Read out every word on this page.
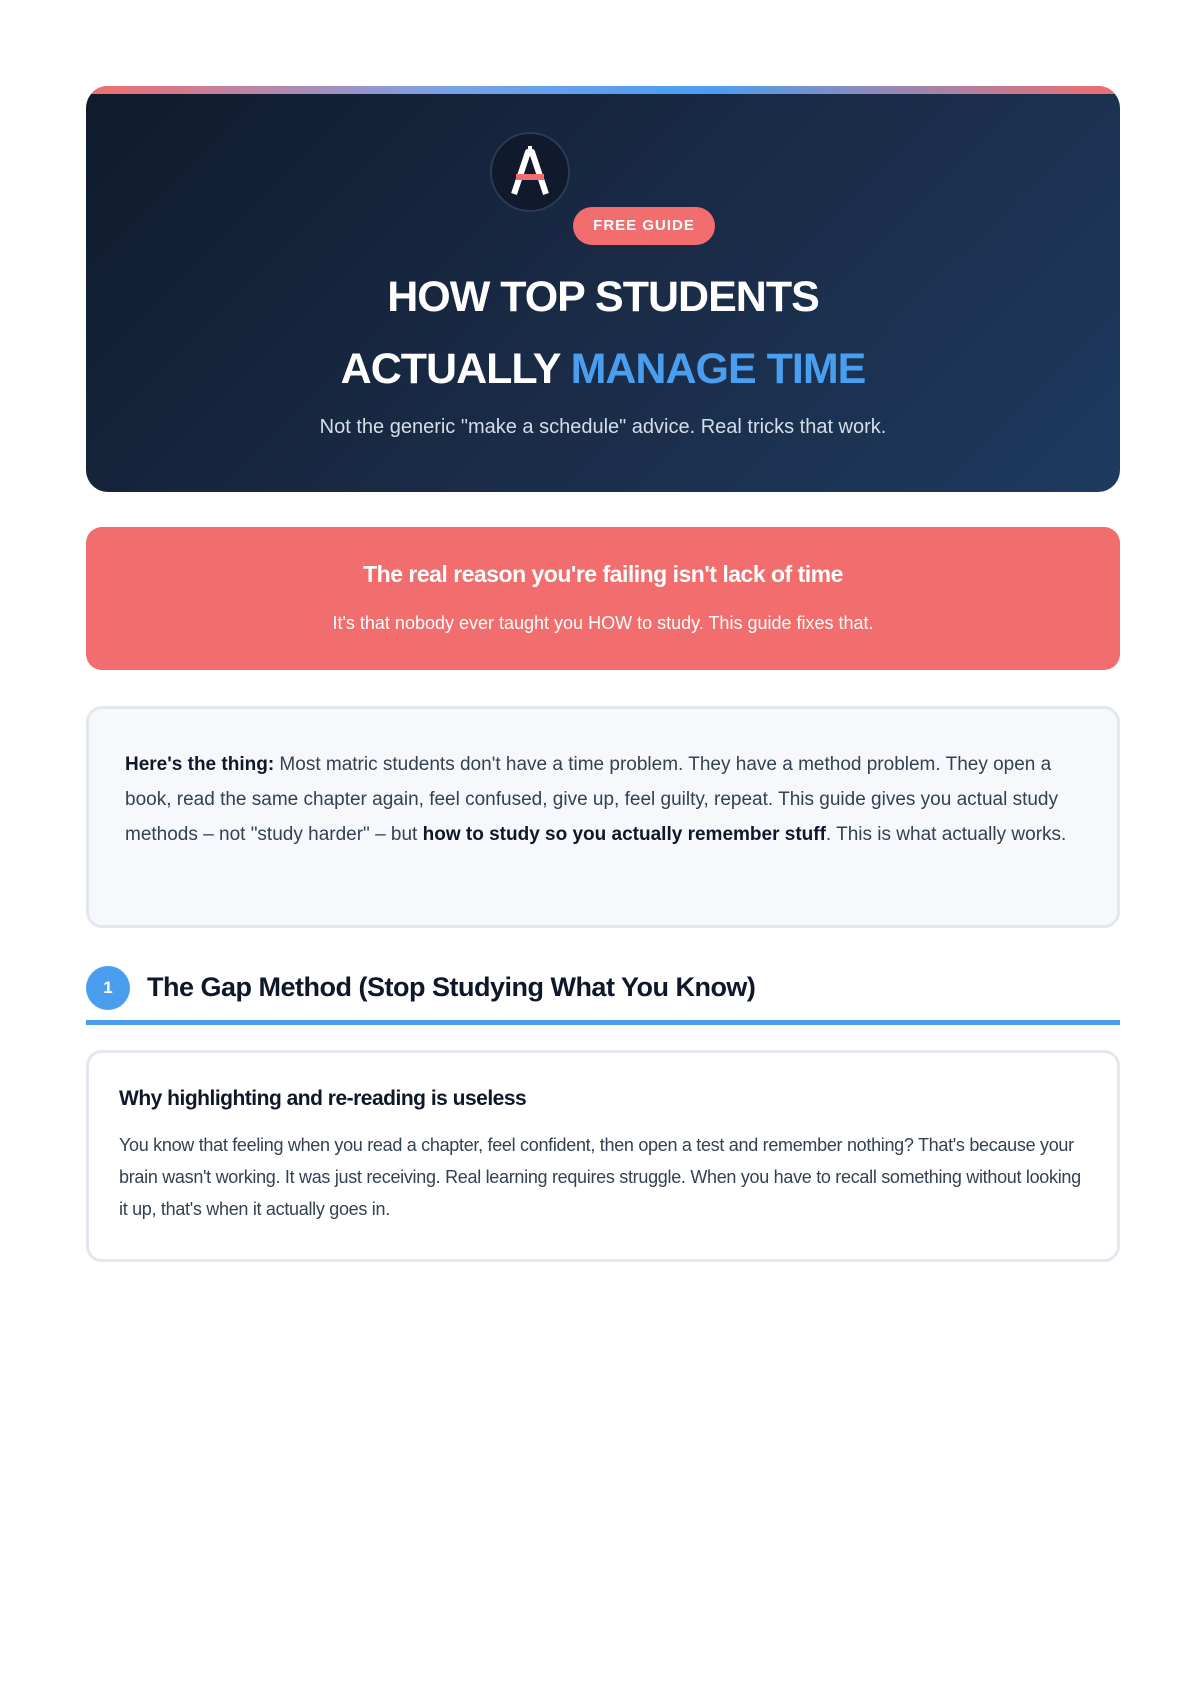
FREE GUIDE
HOW TOP STUDENTS
ACTUALLY MANAGE TIME
Not the generic "make a schedule" advice. Real tricks that work.
The real reason you're failing isn't lack of time
It's that nobody ever taught you HOW to study. This guide fixes that.
Here's the thing: Most matric students don't have a time problem. They have a method problem. They open a book, read the same chapter again, feel confused, give up, feel guilty, repeat. This guide gives you actual study methods – not "study harder" – but how to study so you actually remember stuff. This is what actually works.
1	The Gap Method (Stop Studying What You Know)
Why highlighting and re-reading is useless
You know that feeling when you read a chapter, feel confident, then open a test and remember nothing? That's because your brain wasn't working. It was just receiving. Real learning requires struggle. When you have to recall something without looking it up, that's when it actually goes in.
